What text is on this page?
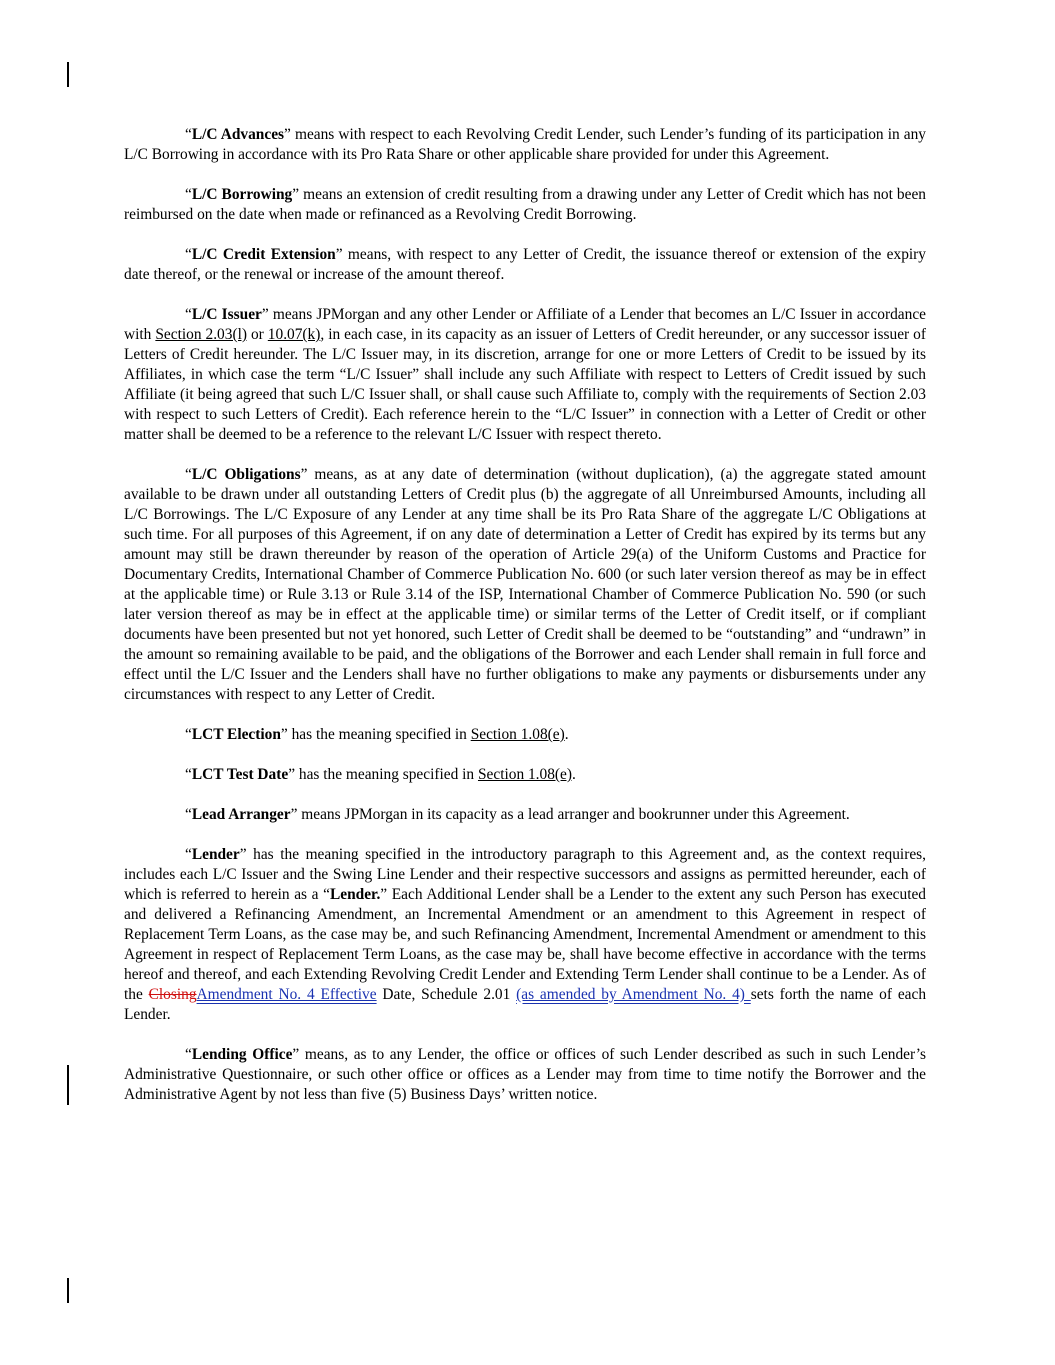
“L/C Advances” means with respect to each Revolving Credit Lender, such Lender’s funding of its participation in any L/C Borrowing in accordance with its Pro Rata Share or other applicable share provided for under this Agreement.

“L/C Borrowing” means an extension of credit resulting from a drawing under any Letter of Credit which has not been reimbursed on the date when made or refinanced as a Revolving Credit Borrowing.

“L/C Credit Extension” means, with respect to any Letter of Credit, the issuance thereof or extension of the expiry date thereof, or the renewal or increase of the amount thereof.

“L/C Issuer” means JPMorgan and any other Lender or Affiliate of a Lender that becomes an L/C Issuer in accordance with Section 2.03(l) or 10.07(k), in each case, in its capacity as an issuer of Letters of Credit hereunder, or any successor issuer of Letters of Credit hereunder. The L/C Issuer may, in its discretion, arrange for one or more Letters of Credit to be issued by its Affiliates, in which case the term “L/C Issuer” shall include any such Affiliate with respect to Letters of Credit issued by such Affiliate (it being agreed that such L/C Issuer shall, or shall cause such Affiliate to, comply with the requirements of Section 2.03 with respect to such Letters of Credit). Each reference herein to the “L/C Issuer” in connection with a Letter of Credit or other matter shall be deemed to be a reference to the relevant L/C Issuer with respect thereto.

“L/C Obligations” means, as at any date of determination (without duplication), (a) the aggregate stated amount available to be drawn under all outstanding Letters of Credit plus (b) the aggregate of all Unreimbursed Amounts, including all L/C Borrowings. The L/C Exposure of any Lender at any time shall be its Pro Rata Share of the aggregate L/C Obligations at such time. For all purposes of this Agreement, if on any date of determination a Letter of Credit has expired by its terms but any amount may still be drawn thereunder by reason of the operation of Article 29(a) of the Uniform Customs and Practice for Documentary Credits, International Chamber of Commerce Publication No. 600 (or such later version thereof as may be in effect at the applicable time) or Rule 3.13 or Rule 3.14 of the ISP, International Chamber of Commerce Publication No. 590 (or such later version thereof as may be in effect at the applicable time) or similar terms of the Letter of Credit itself, or if compliant documents have been presented but not yet honored, such Letter of Credit shall be deemed to be “outstanding” and “undrawn” in the amount so remaining available to be paid, and the obligations of the Borrower and each Lender shall remain in full force and effect until the L/C Issuer and the Lenders shall have no further obligations to make any payments or disbursements under any circumstances with respect to any Letter of Credit.

“LCT Election” has the meaning specified in Section 1.08(e).

“LCT Test Date” has the meaning specified in Section 1.08(e).

“Lead Arranger” means JPMorgan in its capacity as a lead arranger and bookrunner under this Agreement.

“Lender” has the meaning specified in the introductory paragraph to this Agreement and, as the context requires, includes each L/C Issuer and the Swing Line Lender and their respective successors and assigns as permitted hereunder, each of which is referred to herein as a “Lender.” Each Additional Lender shall be a Lender to the extent any such Person has executed and delivered a Refinancing Amendment, an Incremental Amendment or an amendment to this Agreement in respect of Replacement Term Loans, as the case may be, and such Refinancing Amendment, Incremental Amendment or amendment to this Agreement in respect of Replacement Term Loans, as the case may be, shall have become effective in accordance with the terms hereof and thereof, and each Extending Revolving Credit Lender and Extending Term Lender shall continue to be a Lender. As of the ClosingAmendment No. 4 Effective Date, Schedule 2.01 (as amended by Amendment No. 4) sets forth the name of each Lender.

“Lending Office” means, as to any Lender, the office or offices of such Lender described as such in such Lender’s Administrative Questionnaire, or such other office or offices as a Lender may from time to time notify the Borrower and the Administrative Agent by not less than five (5) Business Days’ written notice.
